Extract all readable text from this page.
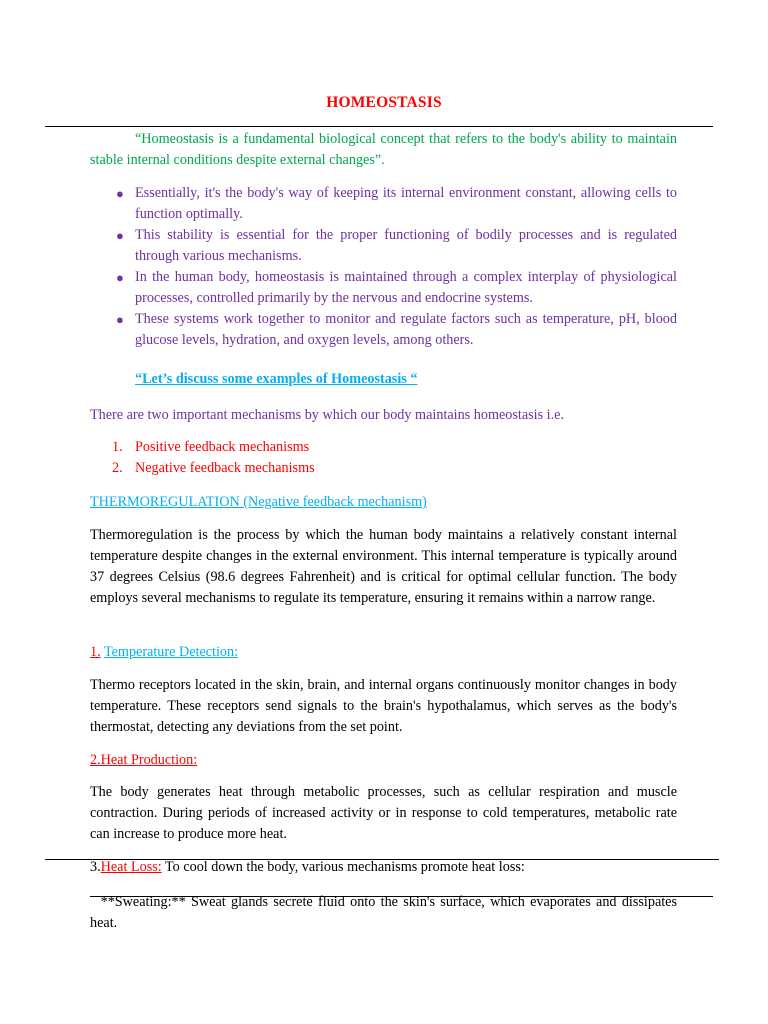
HOMEOSTASIS

“Homeostasis is a fundamental biological concept that refers to the body's ability to maintain stable internal conditions despite external changes”.

● Essentially, it's the body's way of keeping its internal environment constant, allowing cells to function optimally.
● This stability is essential for the proper functioning of bodily processes and is regulated through various mechanisms.
● In the human body, homeostasis is maintained through a complex interplay of physiological processes, controlled primarily by the nervous and endocrine systems.
● These systems work together to monitor and regulate factors such as temperature, pH, blood glucose levels, hydration, and oxygen levels, among others.
“Let’s discuss some examples of Homeostasis “

There are two important mechanisms by which our body maintains homeostasis i.e.

1. Positive feedback mechanisms
2. Negative feedback mechanisms
THERMOREGULATION (Negative feedback mechanism)

Thermoregulation is the process by which the human body maintains a relatively constant internal temperature despite changes in the external environment. This internal temperature is typically around 37 degrees Celsius (98.6 degrees Fahrenheit) and is critical for optimal cellular function. The body employs several mechanisms to regulate its temperature, ensuring it remains within a narrow range.

1. Temperature Detection:

Thermo receptors located in the skin, brain, and internal organs continuously monitor changes in body temperature. These receptors send signals to the brain's hypothalamus, which serves as the body's thermostat, detecting any deviations from the set point.

2.Heat Production:

The body generates heat through metabolic processes, such as cellular respiration and muscle contraction. During periods of increased activity or in response to cold temperatures, metabolic rate can increase to produce more heat.

3.Heat Loss: To cool down the body, various mechanisms promote heat loss:

**Sweating:** Sweat glands secrete fluid onto the skin's surface, which evaporates and dissipates heat.
